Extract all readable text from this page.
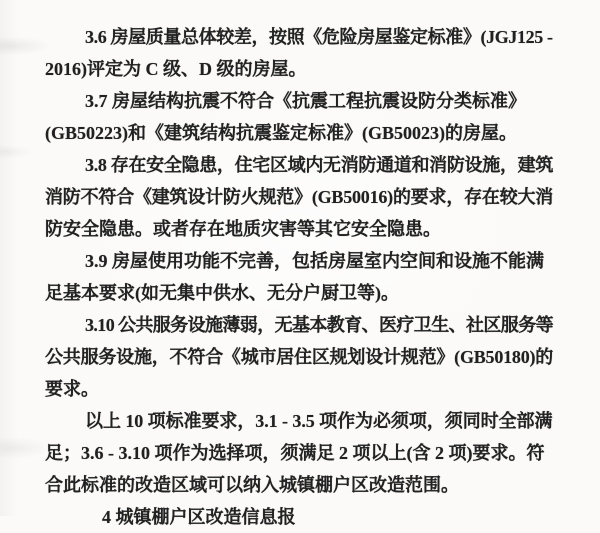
3.6 房屋质量总体较差，按照《危险房屋鉴定标准》(JGJ125 -
2016)评定为 C 级、D 级的房屋。
3.7 房屋结构抗震不符合《抗震工程抗震设防分类标准》
(GB50223)和《建筑结构抗震鉴定标准》(GB50023)的房屋。
3.8 存在安全隐患，住宅区域内无消防通道和消防设施，建筑
消防不符合《建筑设计防火规范》(GB50016)的要求，存在较大消
防安全隐患。或者存在地质灾害等其它安全隐患。
3.9 房屋使用功能不完善，包括房屋室内空间和设施不能满
足基本要求(如无集中供水、无分户厨卫等)。
3.10 公共服务设施薄弱，无基本教育、医疗卫生、社区服务等
公共服务设施，不符合《城市居住区规划设计规范》(GB50180)的
要求。
以上 10 项标准要求，3.1 - 3.5 项作为必须项，须同时全部满
足；3.6 - 3.10 项作为选择项，须满足 2 项以上(含 2 项)要求。符
合此标准的改造区域可以纳入城镇棚户区改造范围。
4 城镇棚户区改造信息报
